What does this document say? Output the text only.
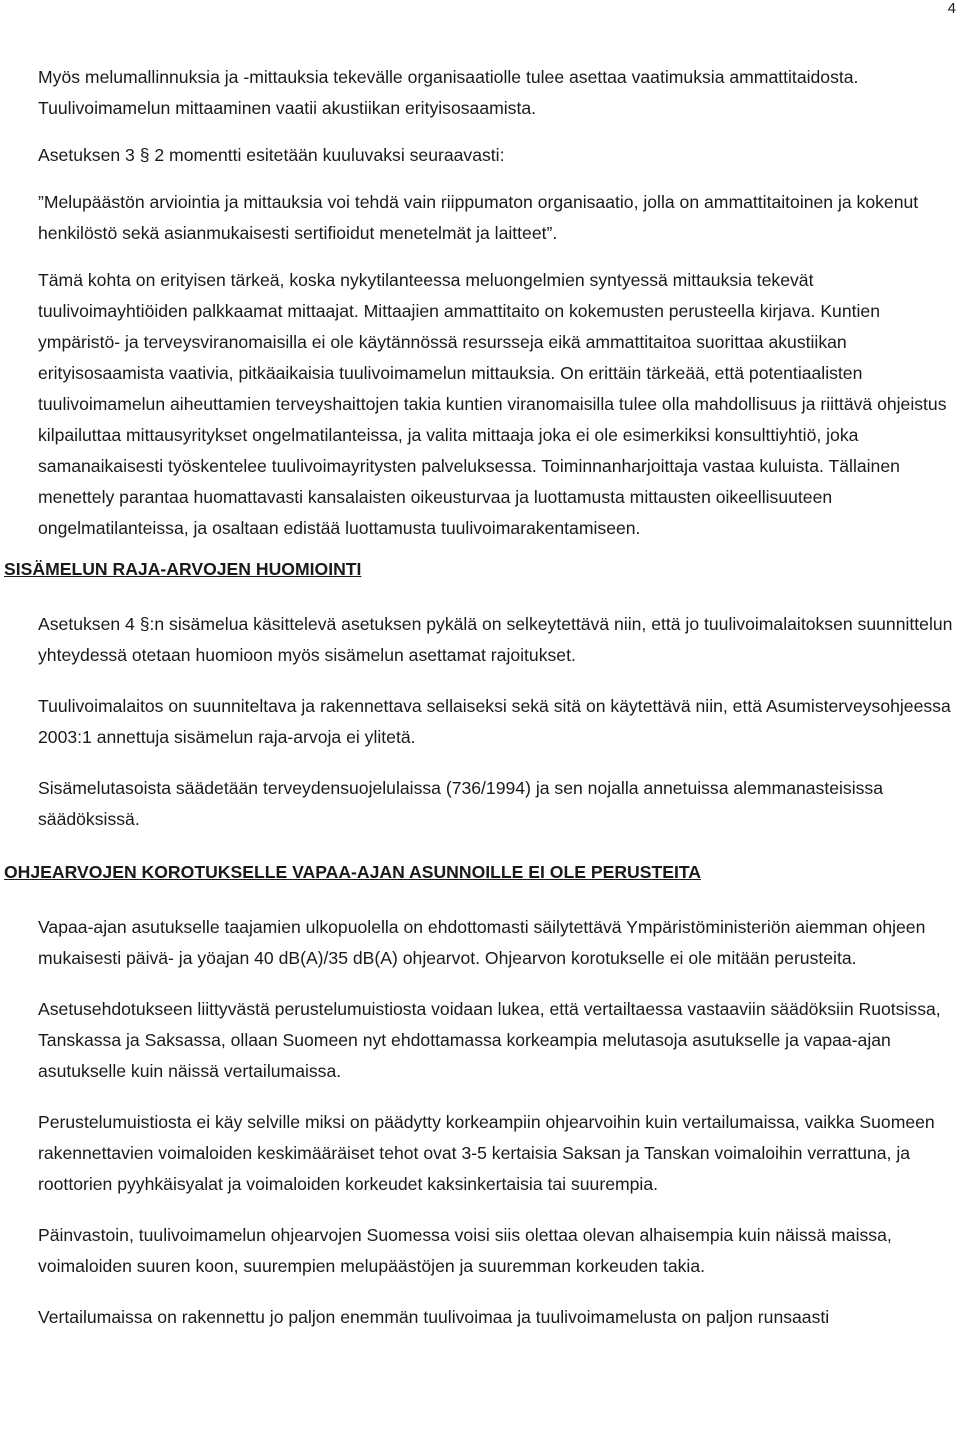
4

Myös melumallinnuksia ja -mittauksia tekevälle organisaatiolle tulee asettaa vaatimuksia ammattitaidosta. Tuulivoimamelun mittaaminen vaatii akustiikan erityisosaamista.

Asetuksen 3 § 2 momentti esitetään kuuluvaksi seuraavasti:

”Melupäästön arviointia ja mittauksia voi tehdä vain riippumaton organisaatio, jolla on ammattitaitoinen ja kokenut henkilöstö sekä asianmukaisesti sertifioidut menetelmät ja laitteet”.

Tämä kohta on erityisen tärkeä, koska nykytilanteessa meluongelmien syntyessä mittauksia tekevät tuulivoimayhtiöiden palkkaamat mittaajat. Mittaajien ammattitaito on kokemusten perusteella kirjava. Kuntien ympäristö- ja terveysviranomaisilla ei ole käytännössä resursseja eikä ammattitaitoa suorittaa akustiikan erityisosaamista vaativia, pitkäaikaisia tuulivoimamelun mittauksia. On erittäin tärkeää, että potentiaalisten tuulivoimamelun aiheuttamien terveyshaittojen takia kuntien viranomaisilla tulee olla mahdollisuus ja riittävä ohjeistus kilpailuttaa mittausyritykset ongelmatilanteissa, ja valita mittaaja joka ei ole esimerkiksi konsulttiyhtiö, joka samanaikaisesti työskentelee tuulivoimayritysten palveluksessa. Toiminnanharjoittaja vastaa kuluista. Tällainen menettely parantaa huomattavasti kansalaisten oikeusturvaa ja luottamusta mittausten oikeellisuuteen ongelmatilanteissa, ja osaltaan edistää luottamusta tuulivoimarakentamiseen.

SISÄMELUN RAJA-ARVOJEN HUOMIOINTI

Asetuksen 4 §:n sisämelua käsittelevä asetuksen pykälä on selkeytettävä niin, että jo tuulivoimalaitoksen suunnittelun yhteydessä otetaan huomioon myös sisämelun asettamat rajoitukset.

Tuulivoimalaitos on suunniteltava ja rakennettava sellaiseksi sekä sitä on käytettävä niin, että Asumisterveysohjeessa 2003:1 annettuja sisämelun raja-arvoja ei ylitetä.

Sisämelutasoista säädetään terveydensuojelulaissa (736/1994) ja sen nojalla annetuissa alemmanasteisissa säädöksissä.

OHJEARVOJEN KOROTUKSELLE VAPAA-AJAN ASUNNOILLE EI OLE PERUSTEITA

Vapaa-ajan asutukselle taajamien ulkopuolella on ehdottomasti säilytettävä Ympäristöministeriön aiemman ohjeen mukaisesti päivä- ja yöajan 40 dB(A)/35 dB(A) ohjearvot. Ohjearvon korotukselle ei ole mitään perusteita.

Asetusehdotukseen liittyvästä perustelumuistiosta voidaan lukea, että vertailtaessa vastaaviin säädöksiin Ruotsissa, Tanskassa ja Saksassa, ollaan Suomeen nyt ehdottamassa korkeampia melutasoja asutukselle ja vapaa-ajan asutukselle kuin näissä vertailumaissa.

Perustelumuistiosta ei käy selville miksi on päädytty korkeampiin ohjearvoihin kuin vertailumaissa, vaikka Suomeen rakennettavien voimaloiden keskimääräiset tehot ovat 3-5 kertaisia Saksan ja Tanskan voimaloihin verrattuna, ja roottorien pyyhkäisyalat ja voimaloiden korkeudet kaksinkertaisia tai suurempia.

Päinvastoin, tuulivoimamelun ohjearvojen Suomessa voisi siis olettaa olevan alhaisempia kuin näissä maissa, voimaloiden suuren koon, suurempien melupäästöjen ja suuremman korkeuden takia.

Vertailumaissa on rakennettu jo paljon enemmän tuulivoimaa ja tuulivoimamelusta on paljon runsaasti
